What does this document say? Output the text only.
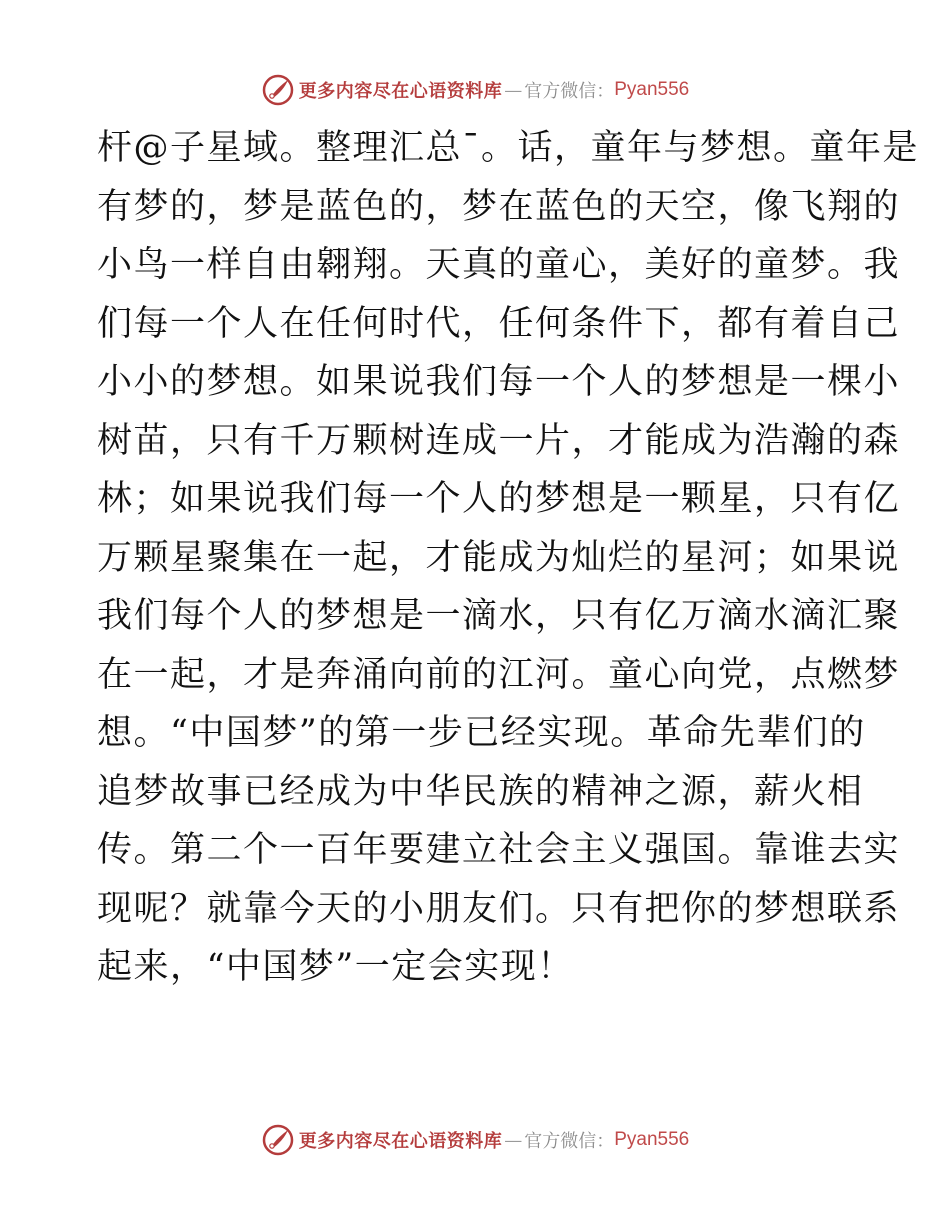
更多内容尽在心语资料库 — 官方微信： Pyan556
杆@子星域。整理汇总¯。话，童年与梦想。童年是
有梦的，梦是蓝色的，梦在蓝色的天空，像飞翔的
小鸟一样自由翱翔。天真的童心，美好的童梦。我
们每一个人在任何时代，任何条件下，都有着自己
小小的梦想。如果说我们每一个人的梦想是一棵小
树苗，只有千万颗树连成一片，才能成为浩瀚的森
林；如果说我们每一个人的梦想是一颗星，只有亿
万颗星聚集在一起，才能成为灿烂的星河；如果说
我们每个人的梦想是一滴水，只有亿万滴水滴汇聚
在一起，才是奔涌向前的江河。童心向党，点燃梦
想。“中国梦”的第一步已经实现。革命先辈们的
追梦故事已经成为中华民族的精神之源，薪火相
传。第二个一百年要建立社会主义强国。靠谁去实
现呢？就靠今天的小朋友们。只有把你的梦想联系
起来，“中国梦”一定会实现！
更多内容尽在心语资料库 — 官方微信： Pyan556
